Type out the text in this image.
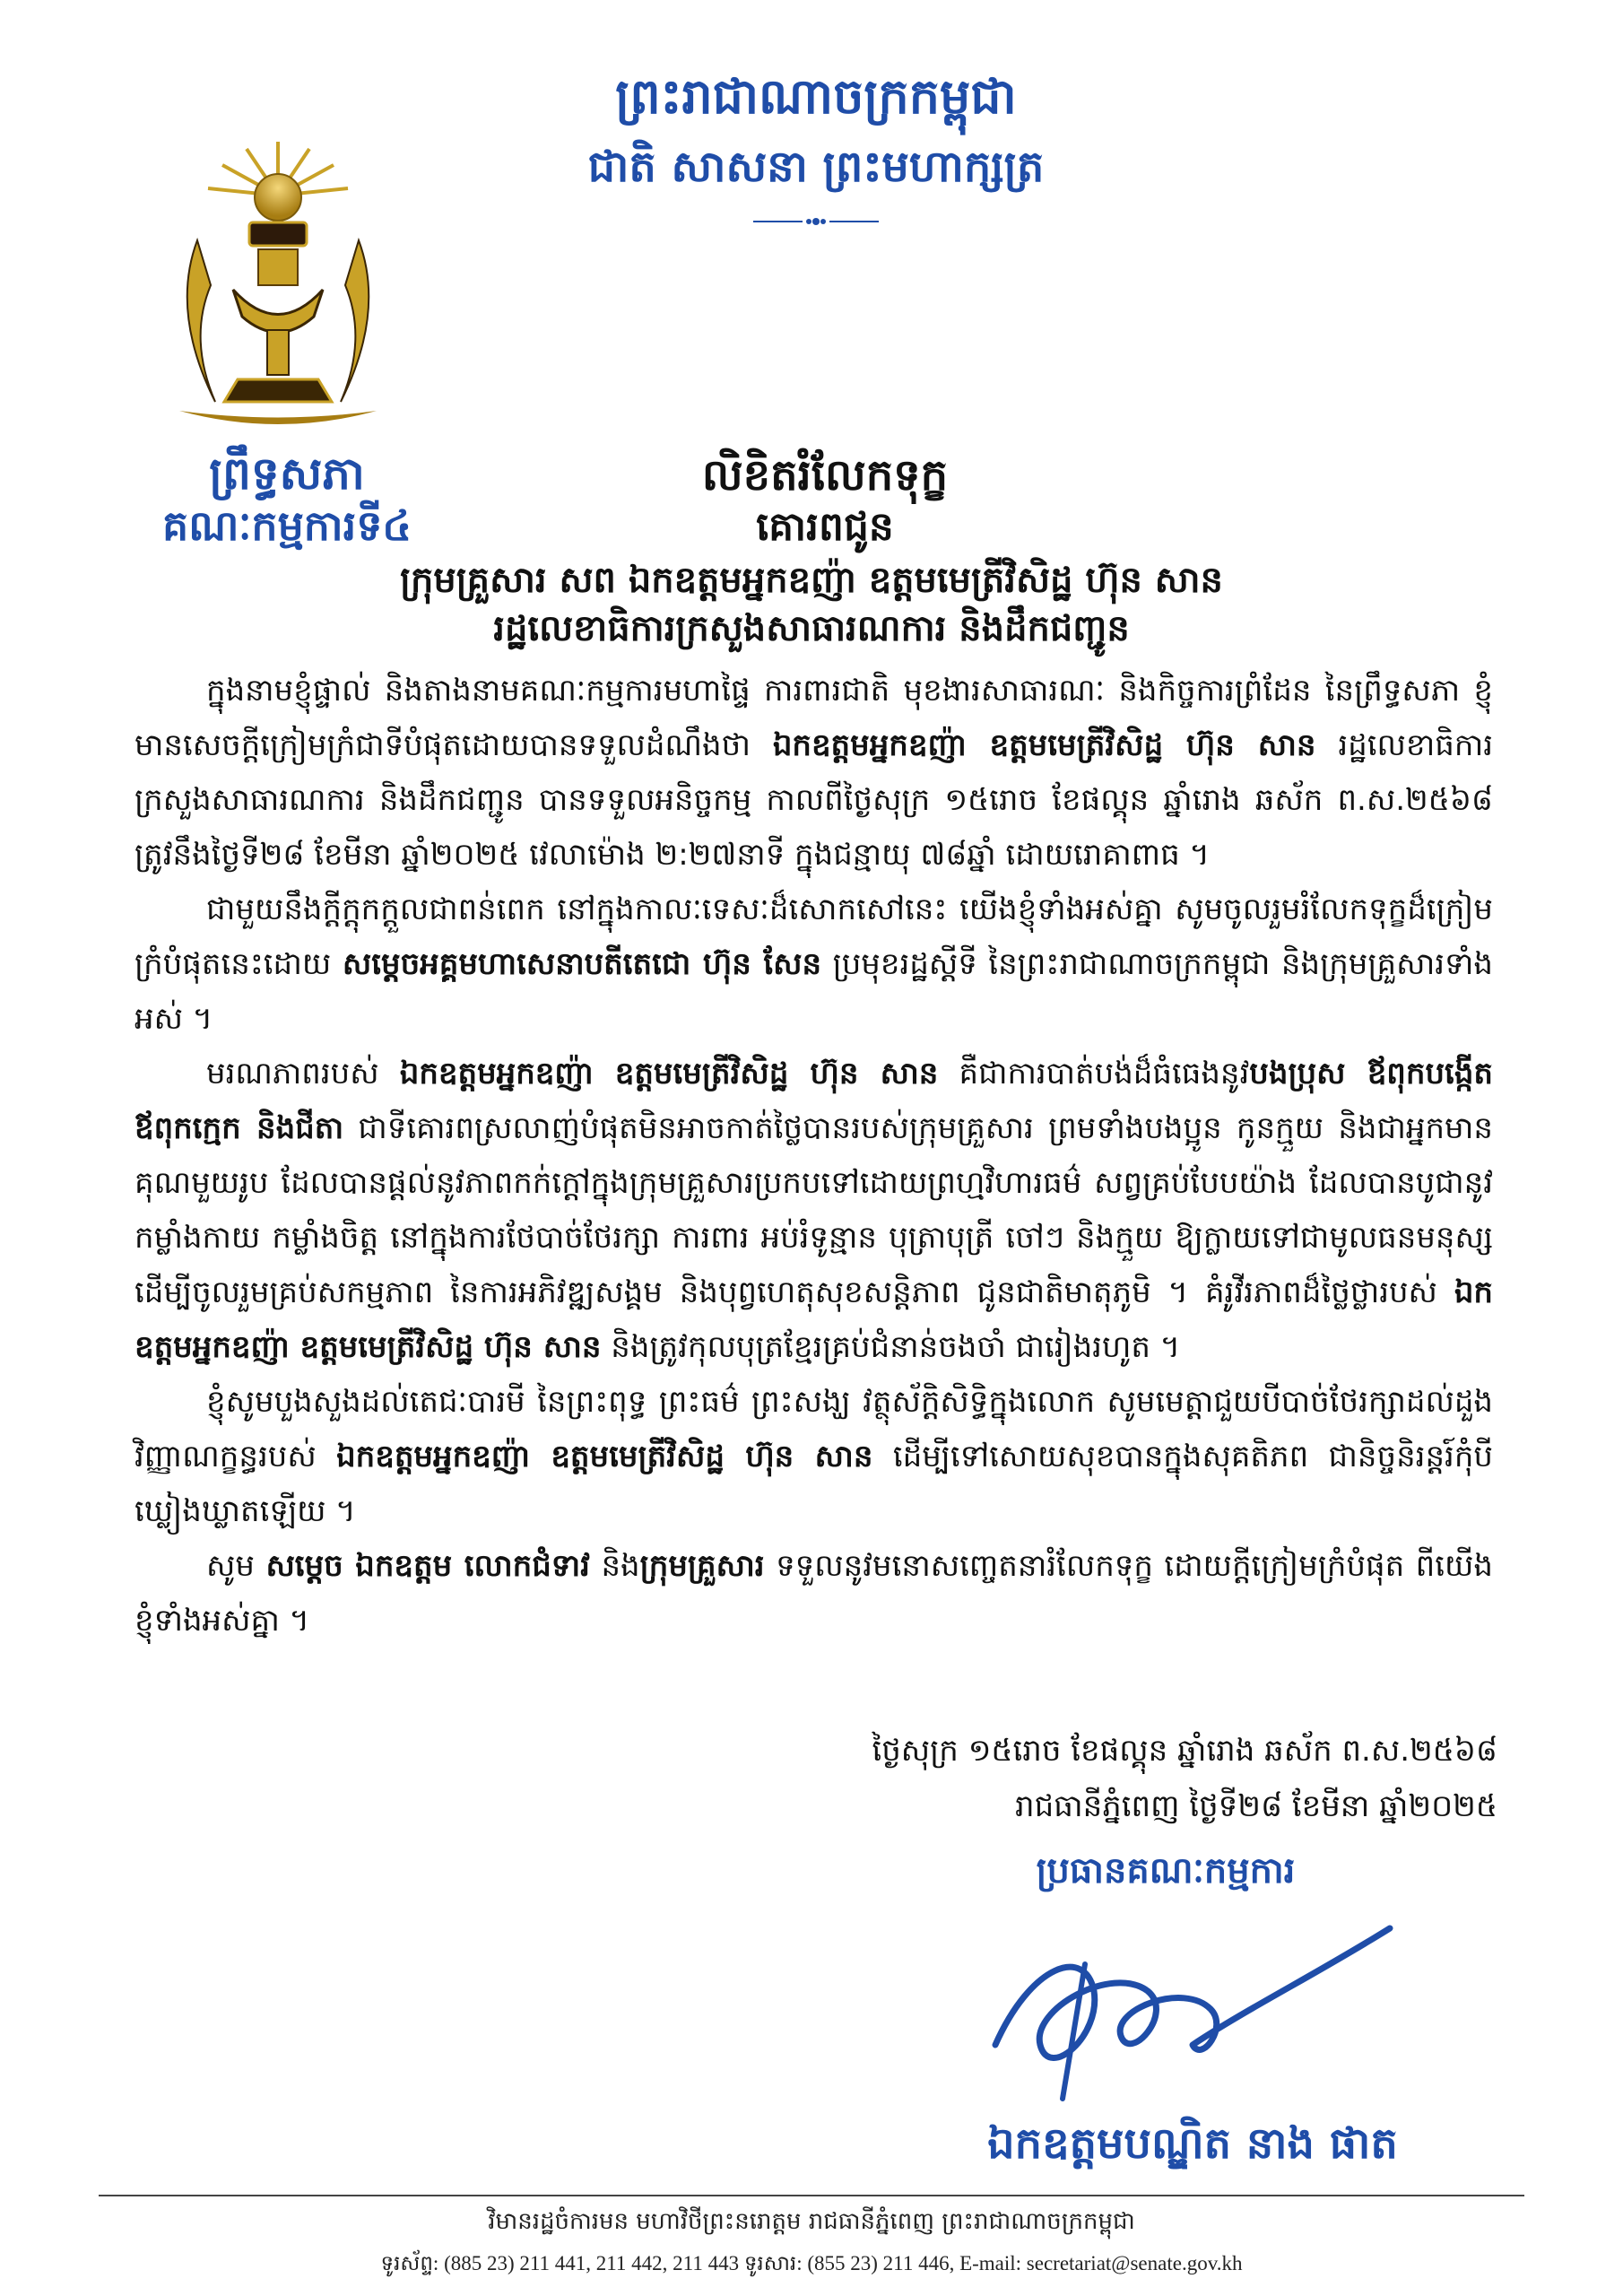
ព្រះរាជាណាចក្រកម្ពុជា
ជាតិ សាសនា ព្រះមហាក្សត្រ
ព្រឹទ្ធសភា
គណៈកម្មការទី៤
លិខិតរំលែកទុក្ខ
គោរពជូន
ក្រុមគ្រួសារ សព ឯកឧត្តមអ្នកឧញ៉ា ឧត្តមមេត្រីវិសិដ្ឋ ហ៊ុន សាន
រដ្ឋលេខាធិការក្រសួងសាធារណការ និងដឹកជញ្ជូន

ក្នុងនាមខ្ញុំផ្ទាល់ និងតាងនាមគណៈកម្មការមហាផ្ទៃ ការពារជាតិ មុខងារសាធារណៈ និងកិច្ចការព្រំដែន នៃព្រឹទ្ធសភា ខ្ញុំមានសេចក្តីក្រៀមក្រំជាទីបំផុតដោយបានទទួលដំណឹងថា ឯកឧត្តមអ្នកឧញ៉ា ឧត្តមមេត្រីវិសិដ្ឋ ហ៊ុន សាន រដ្ឋលេខាធិការក្រសួងសាធារណការ និងដឹកជញ្ជូន បានទទួលអនិច្ចកម្ម កាលពីថ្ងៃសុក្រ ១៥រោច ខែផល្គុន ឆ្នាំរោង ឆស័ក ព.ស.២៥៦៨ ត្រូវនឹងថ្ងៃទី២៨ ខែមីនា ឆ្នាំ២០២៥ វេលាម៉ោង ២:២៧នាទី ក្នុងជន្មាយុ ៧៨ឆ្នាំ ដោយរោគាពាធ ។

ជាមួយនឹងក្តីក្ដុកក្ដួលជាពន់ពេក នៅក្នុងកាលៈទេសៈដ៏សោកសៅនេះ យើងខ្ញុំទាំងអស់គ្នា សូមចូលរួមរំលែកទុក្ខដ៏ក្រៀមក្រំបំផុតនេះដោយ សម្តេចអគ្គមហាសេនាបតីតេជោ ហ៊ុន សែន ប្រមុខរដ្ឋស្តីទី នៃព្រះរាជាណាចក្រកម្ពុជា និងក្រុមគ្រួសារទាំងអស់ ។

មរណភាពរបស់ ឯកឧត្តមអ្នកឧញ៉ា ឧត្តមមេត្រីវិសិដ្ឋ ហ៊ុន សាន គឺជាការបាត់បង់ដ៏ធំធេងនូវបងប្រុស ឪពុកបង្កើត ឪពុកក្មេក និងជីតា ជាទីគោរពស្រលាញ់បំផុតមិនអាចកាត់ថ្លៃបានរបស់ក្រុមគ្រួសារ ព្រមទាំងបងប្អូន កូនក្មួយ និងជាអ្នកមានគុណមួយរូប ដែលបានផ្តល់នូវភាពកក់ក្តៅក្នុងក្រុមគ្រួសារប្រកបទៅដោយព្រហ្មវិហារធម៌ សព្វគ្រប់បែបយ៉ាង ដែលបានបូជានូវកម្លាំងកាយ កម្លាំងចិត្ត នៅក្នុងការថែបាច់ថែរក្សា ការពារ អប់រំទូន្មាន បុត្រាបុត្រី ចៅៗ និងក្មួយ ឱ្យក្លាយទៅជាមូលធនមនុស្ស ដើម្បីចូលរួមគ្រប់សកម្មភាព នៃការអភិវឌ្ឍសង្គម និងបុព្វហេតុសុខសន្តិភាព ជូនជាតិមាតុភូមិ ។ គំរូវីរភាពដ៏ថ្លៃថ្លារបស់ ឯកឧត្តមអ្នកឧញ៉ា ឧត្តមមេត្រីវិសិដ្ឋ ហ៊ុន សាន និងត្រូវកុលបុត្រខ្មែរគ្រប់ជំនាន់ចងចាំ ជារៀងរហូត ។

ខ្ញុំសូមបួងសួងដល់តេជៈបារមី នៃព្រះពុទ្ធ ព្រះធម៌ ព្រះសង្ឃ វត្ថុស័ក្តិសិទ្ធិក្នុងលោក សូមមេត្តាជួយបីបាច់ថែរក្សាដល់ដួងវិញ្ញាណក្ខន្ធរបស់ ឯកឧត្តមអ្នកឧញ៉ា ឧត្តមមេត្រីវិសិដ្ឋ ហ៊ុន សាន ដើម្បីទៅសោយសុខបានក្នុងសុគតិភព ជានិច្ចនិរន្តរ៍កុំបីឃ្លៀងឃ្លាតឡើយ ។

សូម សម្តេច ឯកឧត្តម លោកជំទាវ និងក្រុមគ្រួសារ ទទួលនូវមនោសញ្ចេតនារំលែកទុក្ខ ដោយក្តីក្រៀមក្រំបំផុត ពីយើងខ្ញុំទាំងអស់គ្នា ។

ថ្ងៃសុក្រ ១៥រោច ខែផល្គុន ឆ្នាំរោង ឆស័ក ព.ស.២៥៦៨
រាជធានីភ្នំពេញ ថ្ងៃទី២៨ ខែមីនា ឆ្នាំ២០២៥
ប្រធានគណៈកម្មការ
ឯកឧត្តមបណ្ឌិត នាង ផាត
វិមានរដ្ឋចំការមន មហាវិថីព្រះនរោត្តម រាជធានីភ្នំពេញ ព្រះរាជាណាចក្រកម្ពុជា
ទូរស័ព្ទ: (885 23) 211 441, 211 442, 211 443 ទូរសារ: (855 23) 211 446, E-mail: secretariat@senate.gov.kh
